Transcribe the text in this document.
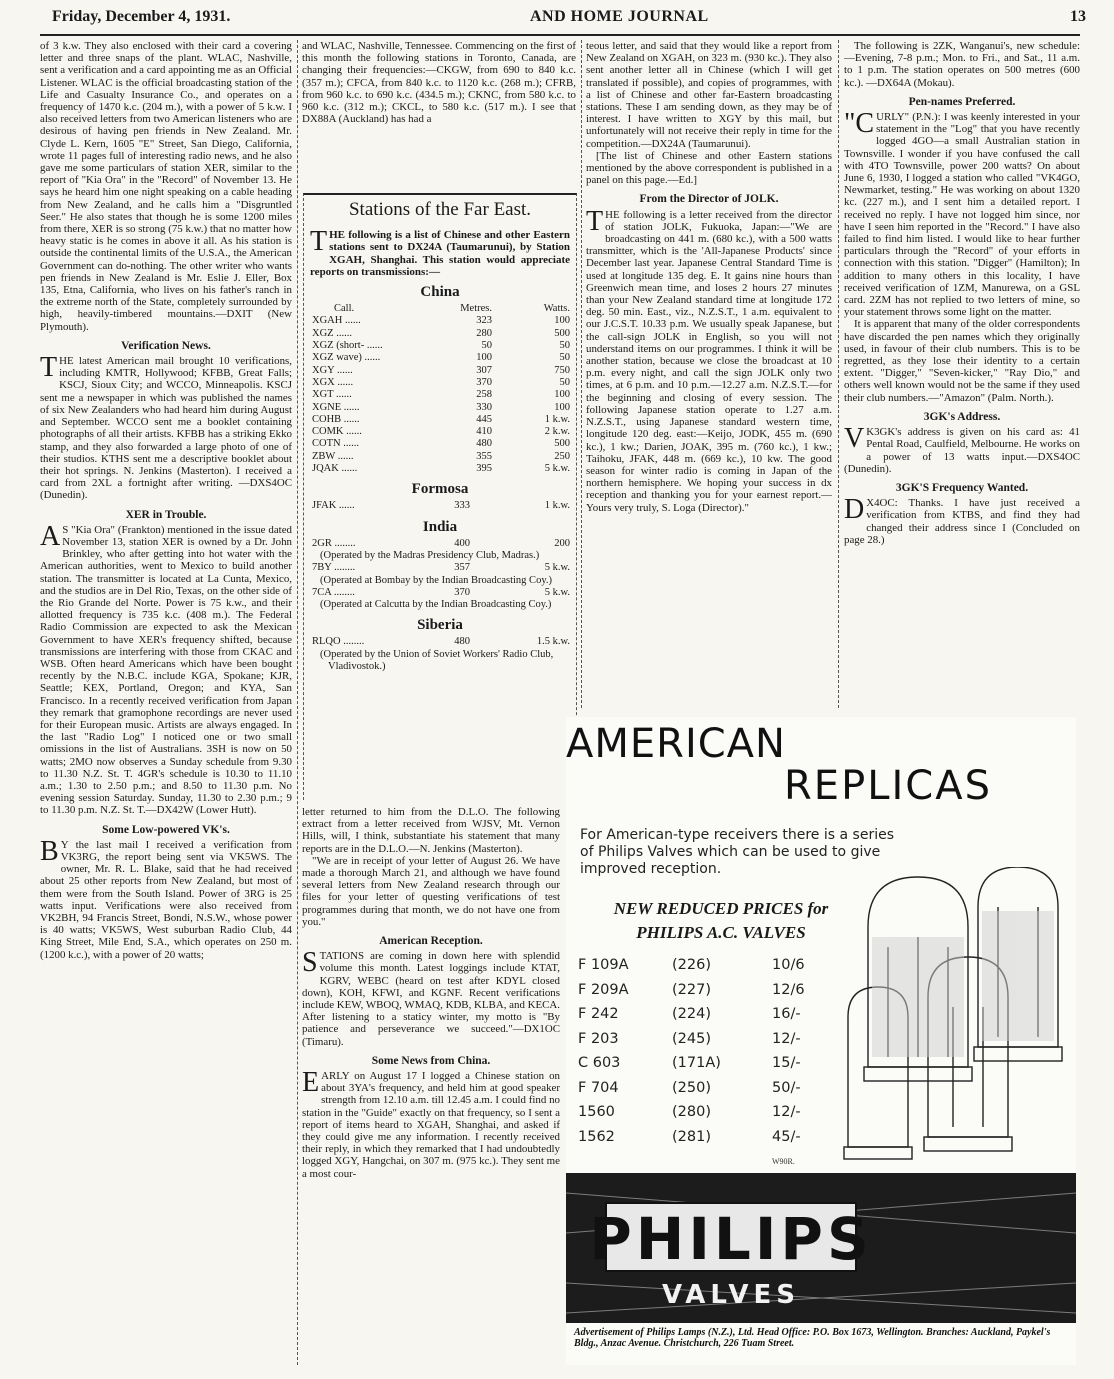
Friday, December 4, 1931.	AND HOME JOURNAL	13

of 3 k.w. They also enclosed with their card a covering letter and three snaps of the plant. WLAC, Nashville, sent a verification and a card appointing me as an Official Listener. WLAC is the official broadcasting station of the Life and Casualty Insurance Co., and operates on a frequency of 1470 k.c. (204 m.), with a power of 5 k.w. I also received letters from two American listeners who are desirous of having pen friends in New Zealand. Mr. Clyde L. Kern, 1605 "E" Street, San Diego, California, wrote 11 pages full of interesting radio news, and he also gave me some particulars of station XER, similar to the report of "Kia Ora" in the "Record" of November 13. He says he heard him one night speaking on a cable heading from New Zealand, and he calls him a "Disgruntled Seer." He also states that though he is some 1200 miles from there, XER is so strong (75 k.w.) that no matter how heavy static is he comes in above it all. As his station is outside the continental limits of the U.S.A., the American Government can do-nothing. The other writer who wants pen friends in New Zealand is Mr. Eslie J. Eller, Box 135, Etna, California, who lives on his father's ranch in the extreme north of the State, completely surrounded by high, heavily-timbered mountains.—DXIT (New Plymouth).

Verification News.

THE latest American mail brought 10 verifications, including KMTR, Hollywood; KFBB, Great Falls; KSCJ, Sioux City; and WCCO, Minneapolis. KSCJ sent me a newspaper in which was published the names of six New Zealanders who had heard him during August and September. WCCO sent me a booklet containing photographs of all their artists. KFBB has a striking Ekko stamp, and they also forwarded a large photo of one of their studios. KTHS sent me a descriptive booklet about their hot springs. N. Jenkins (Masterton). I received a card from 2XL a fortnight after writing. —DXS4OC (Dunedin).

XER in Trouble.

A S "Kia Ora" (Frankton) mentioned in the issue dated November 13, station XER is owned by a Dr. John Brinkley, who after getting into hot water with the American authorities, went to Mexico to build another station. The transmitter is located at La Cunta, Mexico, and the studios are in Del Rio, Texas, on the other side of the Rio Grande del Norte. Power is 75 k.w., and their allotted frequency is 735 k.c. (408 m.). The Federal Radio Commission are expected to ask the Mexican Government to have XER's frequency shifted, because transmissions are interfering with those from CKAC and WSB. Often heard Americans which have been bought recently by the N.B.C. include KGA, Spokane; KJR, Seattle; KEX, Portland, Oregon; and KYA, San Francisco. In a recently received verification from Japan they remark that gramophone recordings are never used for their European music. Artists are always engaged. In the last "Radio Log" I noticed one or two small omissions in the list of Australians. 3SH is now on 50 watts; 2MO now observes a Sunday schedule from 9.30 to 11.30 N.Z. St. T. 4GR's schedule is 10.30 to 11.10 a.m.; 1.30 to 2.50 p.m.; and 8.50 to 11.30 p.m. No evening session Saturday. Sunday, 11.30 to 2.30 p.m.; 9 to 11.30 p.m. N.Z. St. T.—DX42W (Lower Hutt).

Some Low-powered VK's.

B Y the last mail I received a verification from VK3RG, the report being sent via VK5WS. The owner, Mr. R. L. Blake, said that he had received about 25 other reports from New Zealand, but most of them were from the South Island. Power of 3RG is 25 watts input. Verifications were also received from VK2BH, 94 Francis Street, Bondi, N.S.W., whose power is 40 watts; VK5WS, West suburban Radio Club, 44 King Street, Mile End, S.A., which operates on 250 m. (1200 k.c.), with a power of 20 watts;

and WLAC, Nashville, Tennessee. Commencing on the first of this month the following stations in Toronto, Canada, are changing their frequencies:—CKGW, from 690 to 840 k.c. (357 m.); CFCA, from 840 k.c. to 1120 k.c. (268 m.); CFRB, from 960 k.c. to 690 k.c. (434.5 m.); CKNC, from 580 k.c. to 960 k.c. (312 m.); CKCL, to 580 k.c. (517 m.). I see that DX88A (Auckland) has had a

Stations of the Far East.
THE following is a list of Chinese and other Eastern stations sent to DX24A (Taumarunui), by Station XGAH, Shanghai. This station would appreciate reports on transmissions:—
China
Call.	Metres.	Watts.
XGAH ......	323	100
XGZ ......	280	500
XGZ (short- ......	50	50
XGZ wave) ......	100	50
XGY ......	307	750
XGX ......	370	50
XGT ......	258	100
XGNE ......	330	100
COHB ......	445	1 k.w.
COMK ......	410	2 k.w.
COTN ......	480	500
ZBW ......	355	250
JQAK ......	395	5 k.w.
Formosa
JFAK ......	333	1 k.w.
India
2GR ........	400	200
(Operated by the Madras Presidency Club, Madras.)
7BY ........	357	5 k.w.
(Operated at Bombay by the Indian Broadcasting Coy.)
7CA ........	370	5 k.w.
(Operated at Calcutta by the Indian Broadcasting Coy.)
Siberia
RLQO ........	480	1.5 k.w.
(Operated by the Union of Soviet Workers' Radio Club, Vladivostok.)

letter returned to him from the D.L.O. The following extract from a letter received from WJSV, Mt. Vernon Hills, will, I think, substantiate his statement that many reports are in the D.L.O.—N. Jenkins (Masterton).

"We are in receipt of your letter of August 26. We have made a thorough March 21, and although we have found several letters from New Zealand research through our files for your letter of questing verifications of test programmes during that month, we do not have one from you."

American Reception.

STATIONS are coming in down here with splendid volume this month. Latest loggings include KTAT, KGRV, WEBC (heard on test after KDYL closed down), KOH, KFWI, and KGNF. Recent verifications include KEW, WBOQ, WMAQ, KDB, KLBA, and KECA. After listening to a staticy winter, my motto is "By patience and perseverance we succeed."—DX1OC (Timaru).

Some News from China.

EARLY on August 17 I logged a Chinese station on about 3YA's frequency, and held him at good speaker strength from 12.10 a.m. till 12.45 a.m. I could find no station in the "Guide" exactly on that frequency, so I sent a report of items heard to XGAH, Shanghai, and asked if they could give me any information. I recently received their reply, in which they remarked that I had undoubtedly logged XGY, Hangchai, on 307 m. (975 kc.). They sent me a most cour-

teous letter, and said that they would like a report from New Zealand on XGAH, on 323 m. (930 kc.). They also sent another letter all in Chinese (which I will get translated if possible), and copies of programmes, with a list of Chinese and other far-Eastern broadcasting stations. These I am sending down, as they may be of interest. I have written to XGY by this mail, but unfortunately will not receive their reply in time for the competition.—DX24A (Taumarunui).

[The list of Chinese and other Eastern stations mentioned by the above correspondent is published in a panel on this page.—Ed.]

From the Director of JOLK.

THE following is a letter received from the director of station JOLK, Fukuoka, Japan:—"We are broadcasting on 441 m. (680 kc.), with a 500 watts transmitter, which is the 'All-Japanese Products' since December last year. Japanese Central Standard Time is used at longitude 135 deg. E. It gains nine hours than Greenwich mean time, and loses 2 hours 27 minutes than your New Zealand standard time at longitude 172 deg. 50 min. East., viz., N.Z.S.T., 1 a.m. equivalent to our J.C.S.T. 10.33 p.m. We usually speak Japanese, but the call-sign JOLK in English, so you will not understand items on our programmes. I think it will be another station, because we close the broadcast at 10 p.m. every night, and call the sign JOLK only two times, at 6 p.m. and 10 p.m.—12.27 a.m. N.Z.S.T.—for the beginning and closing of every session. The following Japanese station operate to 1.27 a.m. N.Z.S.T., using Japanese standard western time, longitude 120 deg. east:—Keijo, JODK, 455 m. (690 kc.), 1 kw.; Darien, JOAK, 395 m. (760 kc.), 1 kw.; Taihoku, JFAK, 448 m. (669 kc.), 10 kw. The good season for winter radio is coming in Japan of the northern hemisphere. We hoping your success in dx reception and thanking you for your earnest report.—Yours very truly, S. Loga (Director)."

The following is 2ZK, Wanganui's, new schedule:—Evening, 7-8 p.m.; Mon. to Fri., and Sat., 11 a.m. to 1 p.m. The station operates on 500 metres (600 kc.). —DX64A (Mokau).

Pen-names Preferred.

"CURLY" (P.N.): I was keenly interested in your statement in the "Log" that you have recently logged 4GO—a small Australian station in Townsville. I wonder if you have confused the call with 4TO Townsville, power 200 watts? On about June 6, 1930, I logged a station who called "VK4GO, Newmarket, testing." He was working on about 1320 kc. (227 m.), and I sent him a detailed report. I received no reply. I have not logged him since, nor have I seen him reported in the "Record." I have also failed to find him listed. I would like to hear further particulars through the "Record" of your efforts in connection with this station. "Digger" (Hamilton); In addition to many others in this locality, I have received verification of 1ZM, Manurewa, on a GSL card. 2ZM has not replied to two letters of mine, so your statement throws some light on the matter.

It is apparent that many of the older correspondents have discarded the pen names which they originally used, in favour of their club numbers. This is to be regretted, as they lose their identity to a certain extent. "Digger," "Seven-kicker," "Ray Dio," and others well known would not be the same if they used their club numbers.—"Amazon" (Palm. North.).

3GK's Address.

V K3GK's address is given on his card as: 41 Pental Road, Caulfield, Melbourne. He works on a power of 13 watts input.—DXS4OC (Dunedin).

3GK'S Frequency Wanted.

D X4OC: Thanks. I have just received a verification from KTBS, and find they had changed their address since I (Concluded on page 28.)

AMERICAN
REPLICAS
For American-type receivers there is a series of Philips Valves which can be used to give improved reception.
NEW REDUCED PRICES for
PHILIPS A.C. VALVES
F 109A	(226)	10/6
F 209A	(227)	12/6
F 242	(224)	16/-
F 203	(245)	12/-
C 603	(171A)	15/-
F 704	(250)	50/-
1560	(280)	12/-
1562	(281)	45/-
W90R.
PHILIPS
VALVES
Advertisement of Philips Lamps (N.Z.), Ltd. Head Office: P.O. Box 1673, Wellington. Branches: Auckland, Paykel's Bldg., Anzac Avenue. Christchurch, 226 Tuam Street.
